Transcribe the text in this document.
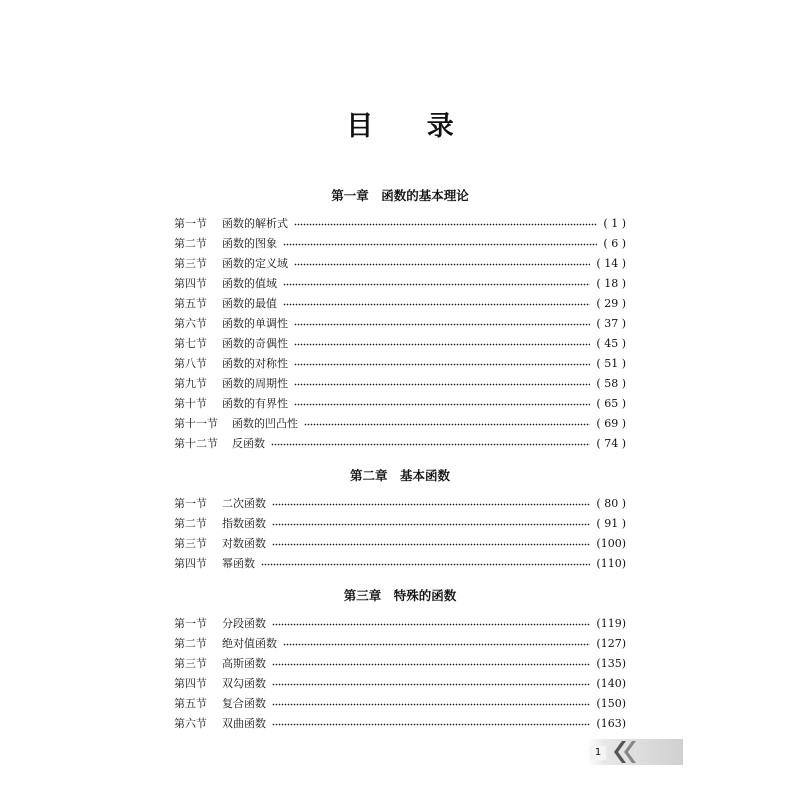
目 录
第一章　函数的基本理论
第一节	函数的解析式	( 1 )
第二节	函数的图象	( 6 )
第三节	函数的定义域	( 14 )
第四节	函数的值域	( 18 )
第五节	函数的最值	( 29 )
第六节	函数的单调性	( 37 )
第七节	函数的奇偶性	( 45 )
第八节	函数的对称性	( 51 )
第九节	函数的周期性	( 58 )
第十节	函数的有界性	( 65 )
第十一节	函数的凹凸性	( 69 )
第十二节	反函数	( 74 )
第二章　基本函数
第一节	二次函数	( 80 )
第二节	指数函数	( 91 )
第三节	对数函数	(100)
第四节	幂函数	(110)
第三章　特殊的函数
第一节	分段函数	(119)
第二节	绝对值函数	(127)
第三节	高斯函数	(135)
第四节	双勾函数	(140)
第五节	复合函数	(150)
第六节	双曲函数	(163)
1
